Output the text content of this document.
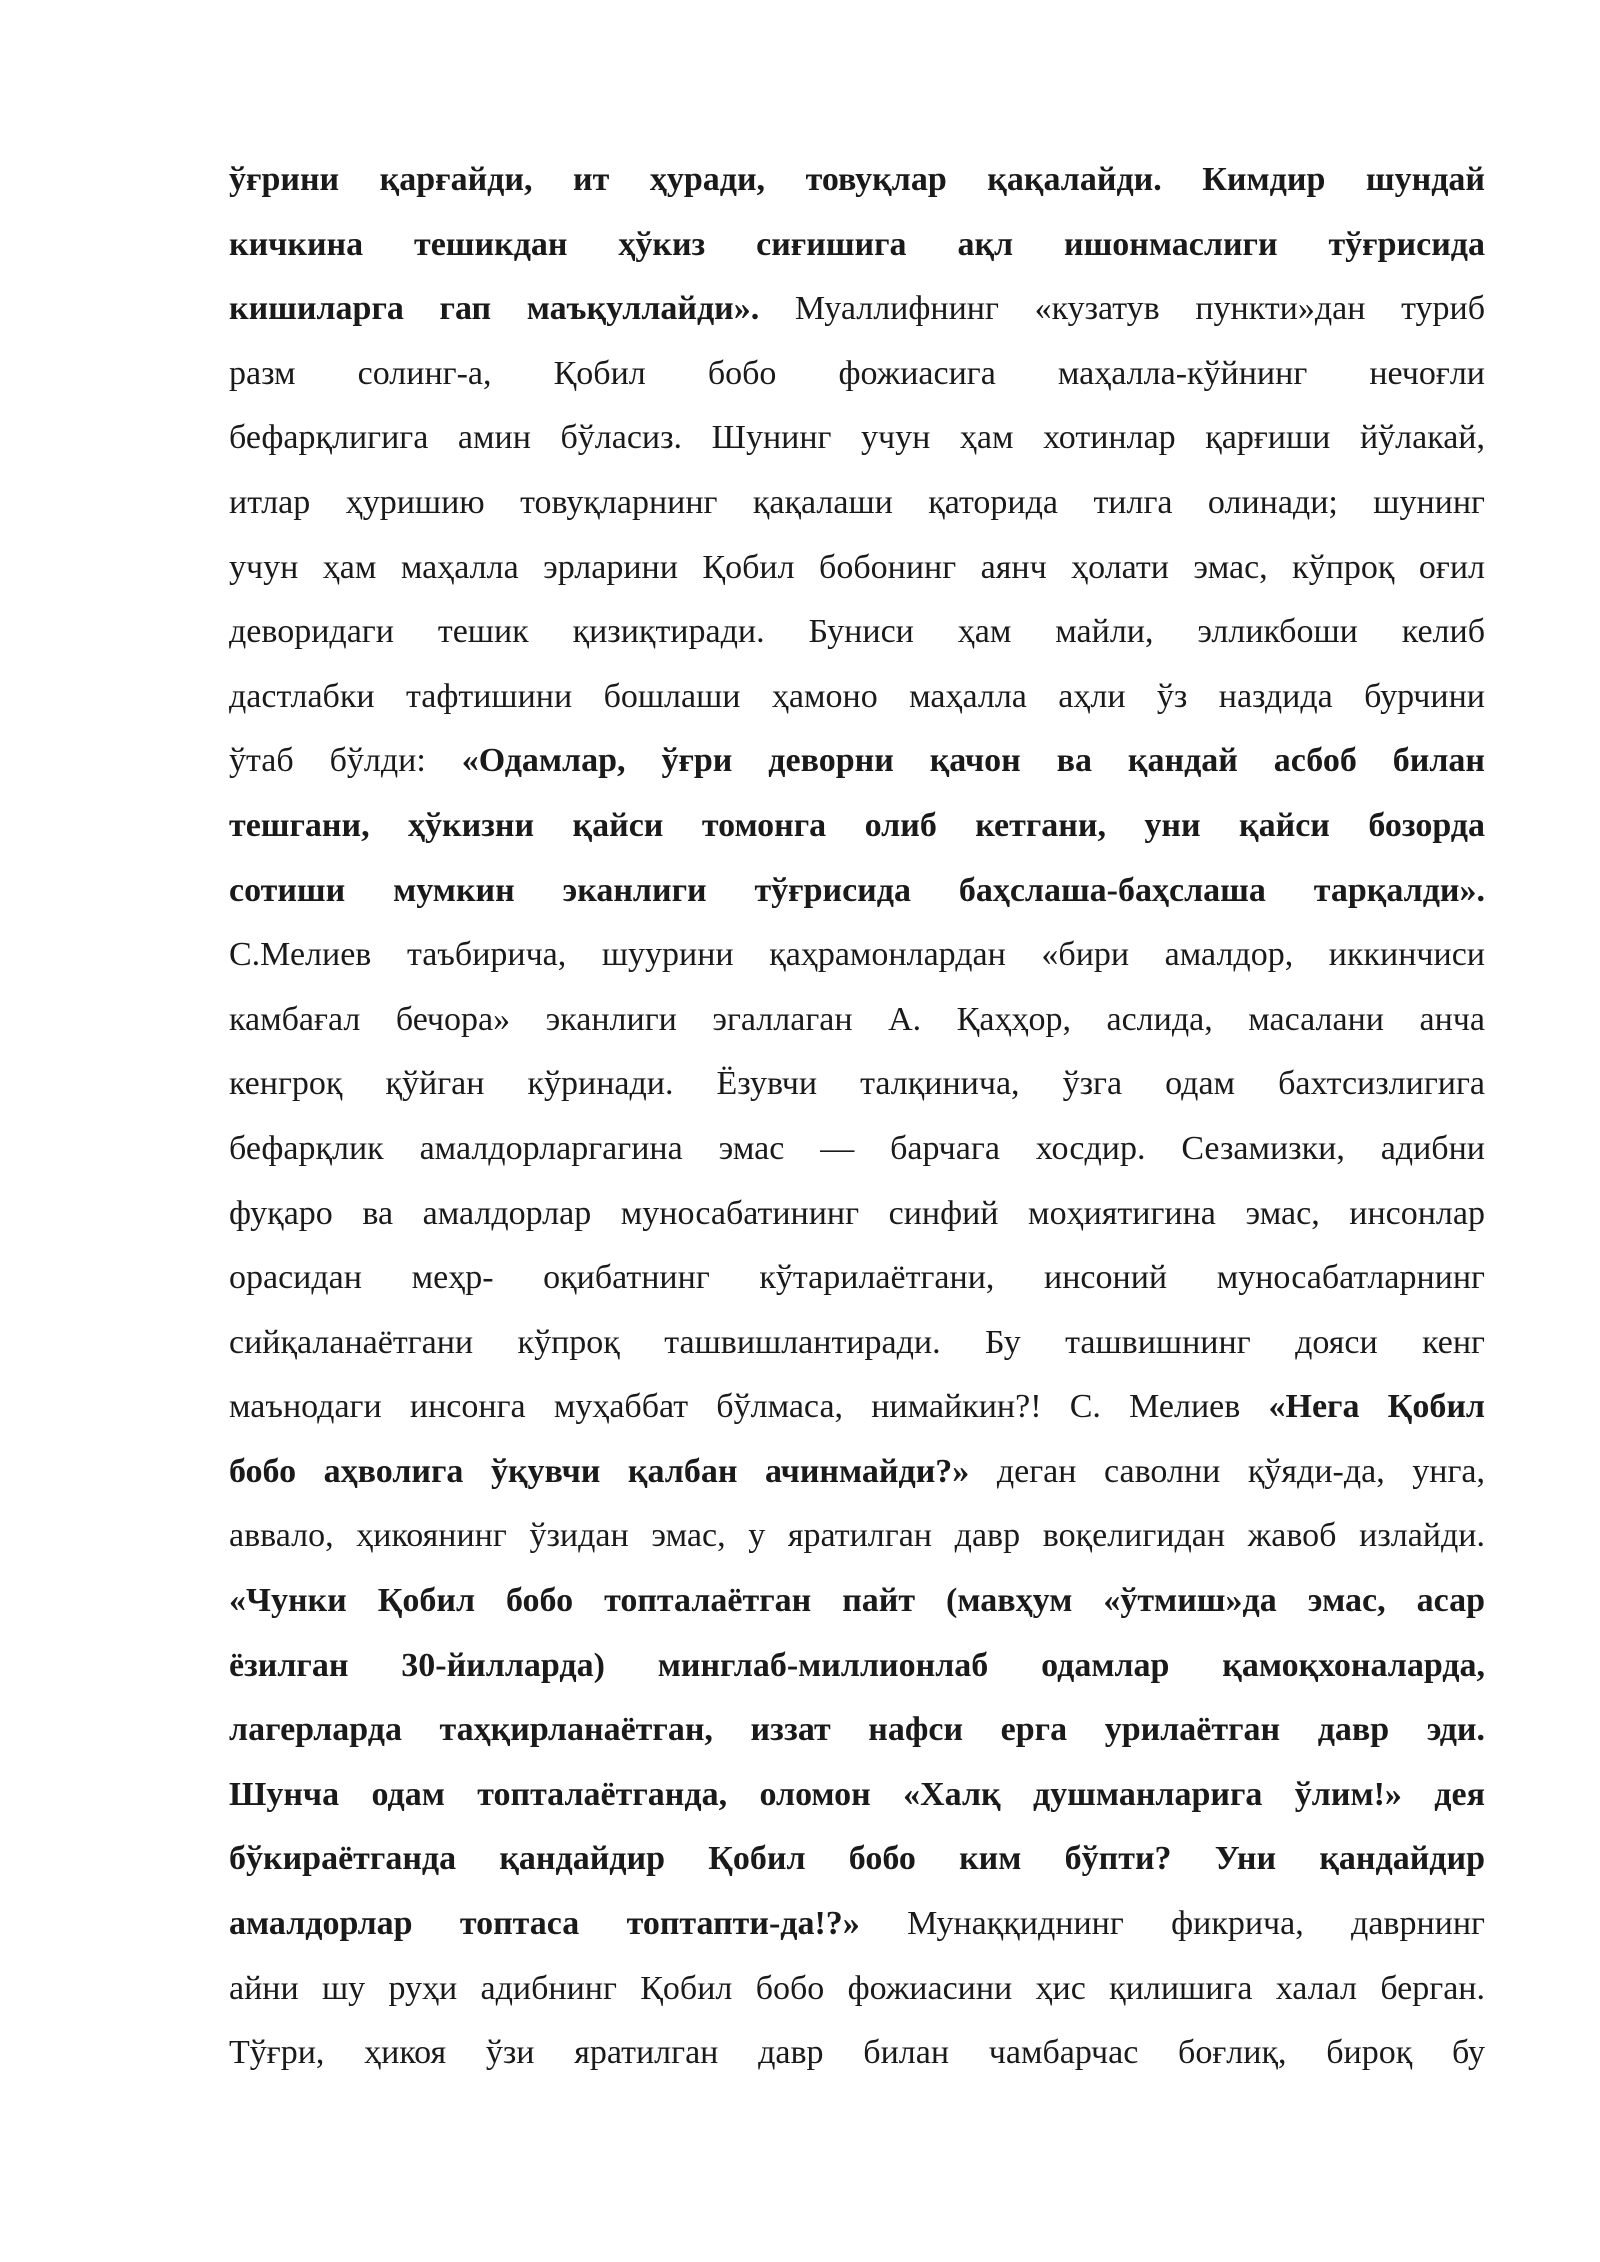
ўғрини қарғайди, ит ҳуради, товуқлар қақалайди. Кимдир шундай
кичкина тешикдан ҳўкиз сиғишига ақл ишонмаслиги тўғрисида
кишиларга гап маъқуллайди». Муаллифнинг «кузатув пункти»дан туриб
разм солинг-а, Қобил бобо фожиасига маҳалла-кўйнинг нечоғли
бефарқлигига амин бўласиз. Шунинг учун ҳам хотинлар қарғиши йўлакай,
итлар ҳуришию товуқларнинг қақалаши қаторида тилга олинади; шунинг
учун ҳам маҳалла эрларини Қобил бобонинг аянч ҳолати эмас, кўпроқ оғил
деворидаги тешик қизиқтиради. Буниси ҳам майли, элликбоши келиб
дастлабки тафтишини бошлаши ҳамоно маҳалла аҳли ўз наздида бурчини
ўтаб бўлди: «Одамлар, ўғри деворни қачон ва қандай асбоб билан
тешгани, ҳўкизни қайси томонга олиб кетгани, уни қайси бозорда
сотиши мумкин эканлиги тўғрисида баҳслаша-баҳслаша тарқалди».
С.Мелиев таъбирича, шуурини қаҳрамонлардан «бири амалдор, иккинчиси
камбағал бечора» эканлиги эгаллаган А. Қаҳҳор, аслида, масалани анча
кенгроқ қўйган кўринади. Ёзувчи талқинича, ўзга одам бахтсизлигига
бефарқлик амалдорларгагина эмас — барчага хосдир. Сезамизки, адибни
фуқаро ва амалдорлар муносабатининг синфий моҳиятигина эмас, инсонлар
орасидан меҳр- оқибатнинг кўтарилаётгани, инсоний муносабатларнинг
сийқаланаётгани кўпроқ ташвишлантиради. Бу ташвишнинг дояси кенг
маънодаги инсонга муҳаббат бўлмаса, нимайкин?! С. Мелиев «Нега Қобил
бобо аҳволига ўқувчи қалбан ачинмайди?» деган саволни қўяди-да, унга,
аввало, ҳикоянинг ўзидан эмас, у яратилган давр воқелигидан жавоб излайди.
«Чунки Қобил бобо топталаётган пайт (мавҳум «ўтмиш»да эмас, асар
ёзилган 30-йилларда) минглаб-миллионлаб одамлар қамоқхоналарда,
лагерларда таҳқирланаётган, иззат нафси ерга урилаётган давр эди.
Шунча одам топталаётганда, оломон «Халқ душманларига ўлим!» дея
бўкираётганда қандайдир Қобил бобо ким бўпти? Уни қандайдир
амалдорлар топтаса топтапти-да!?» Мунаққиднинг фикрича, даврнинг
айни шу руҳи адибнинг Қобил бобо фожиасини ҳис қилишига халал берган.
Тўғри, ҳикоя ўзи яратилган давр билан чамбарчас боғлиқ, бироқ бу
